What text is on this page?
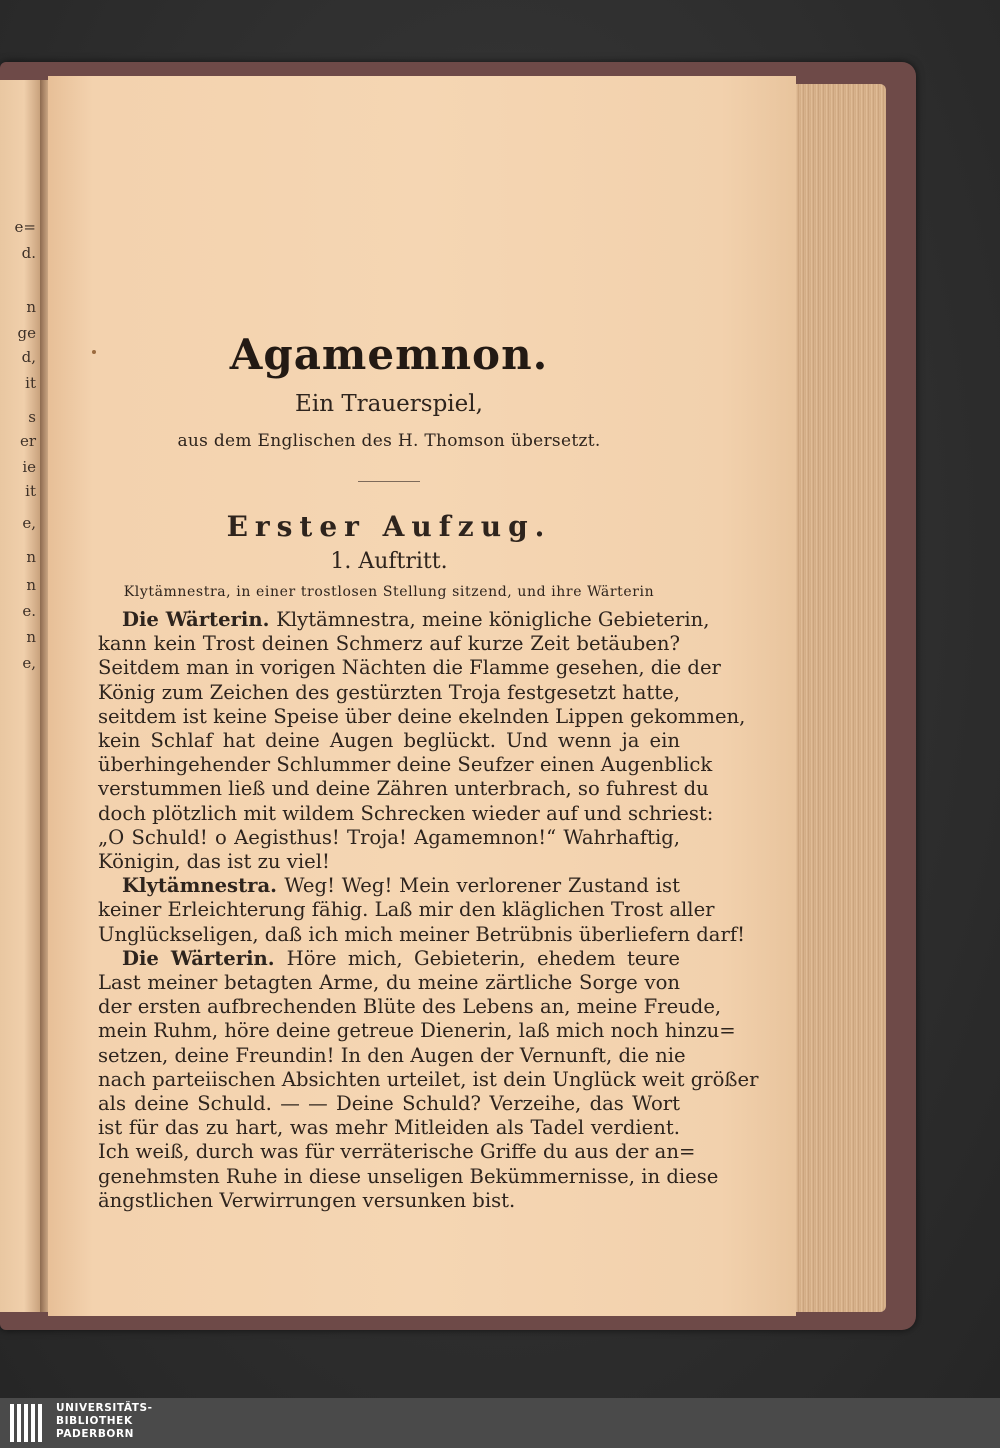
e=
d.
n
ge
d,
it
s
er
ie
it
e,
n
n
e.
n
e,
Agamemnon.
Ein Trauerspiel,
aus dem Englischen des H. Thomson übersetzt.
Erster Aufzug.
1. Auftritt.
Klytämnestra, in einer trostlosen Stellung sitzend, und ihre Wärterin
Die Wärterin. Klytämnestra, meine königliche Gebieterin,
kann kein Trost deinen Schmerz auf kurze Zeit betäuben?
Seitdem man in vorigen Nächten die Flamme gesehen, die der
König zum Zeichen des gestürzten Troja festgesetzt hatte,
seitdem ist keine Speise über deine ekelnden Lippen gekommen,
kein Schlaf hat deine Augen beglückt. Und wenn ja ein
überhingehender Schlummer deine Seufzer einen Augenblick
verstummen ließ und deine Zähren unterbrach, so fuhrest du
doch plötzlich mit wildem Schrecken wieder auf und schriest:
„O Schuld! o Aegisthus! Troja! Agamemnon!“ Wahrhaftig,
Königin, das ist zu viel!
Klytämnestra. Weg! Weg! Mein verlorener Zustand ist
keiner Erleichterung fähig. Laß mir den kläglichen Trost aller
Unglückseligen, daß ich mich meiner Betrübnis überliefern darf!
Die Wärterin. Höre mich, Gebieterin, ehedem teure
Last meiner betagten Arme, du meine zärtliche Sorge von
der ersten aufbrechenden Blüte des Lebens an, meine Freude,
mein Ruhm, höre deine getreue Dienerin, laß mich noch hinzu=
setzen, deine Freundin! In den Augen der Vernunft, die nie
nach parteiischen Absichten urteilet, ist dein Unglück weit größer
als deine Schuld. — — Deine Schuld? Verzeihe, das Wort
ist für das zu hart, was mehr Mitleiden als Tadel verdient.
Ich weiß, durch was für verräterische Griffe du aus der an=
genehmsten Ruhe in diese unseligen Bekümmernisse, in diese
ängstlichen Verwirrungen versunken bist.
UNIVERSITÄTS-
BIBLIOTHEK
PADERBORN
